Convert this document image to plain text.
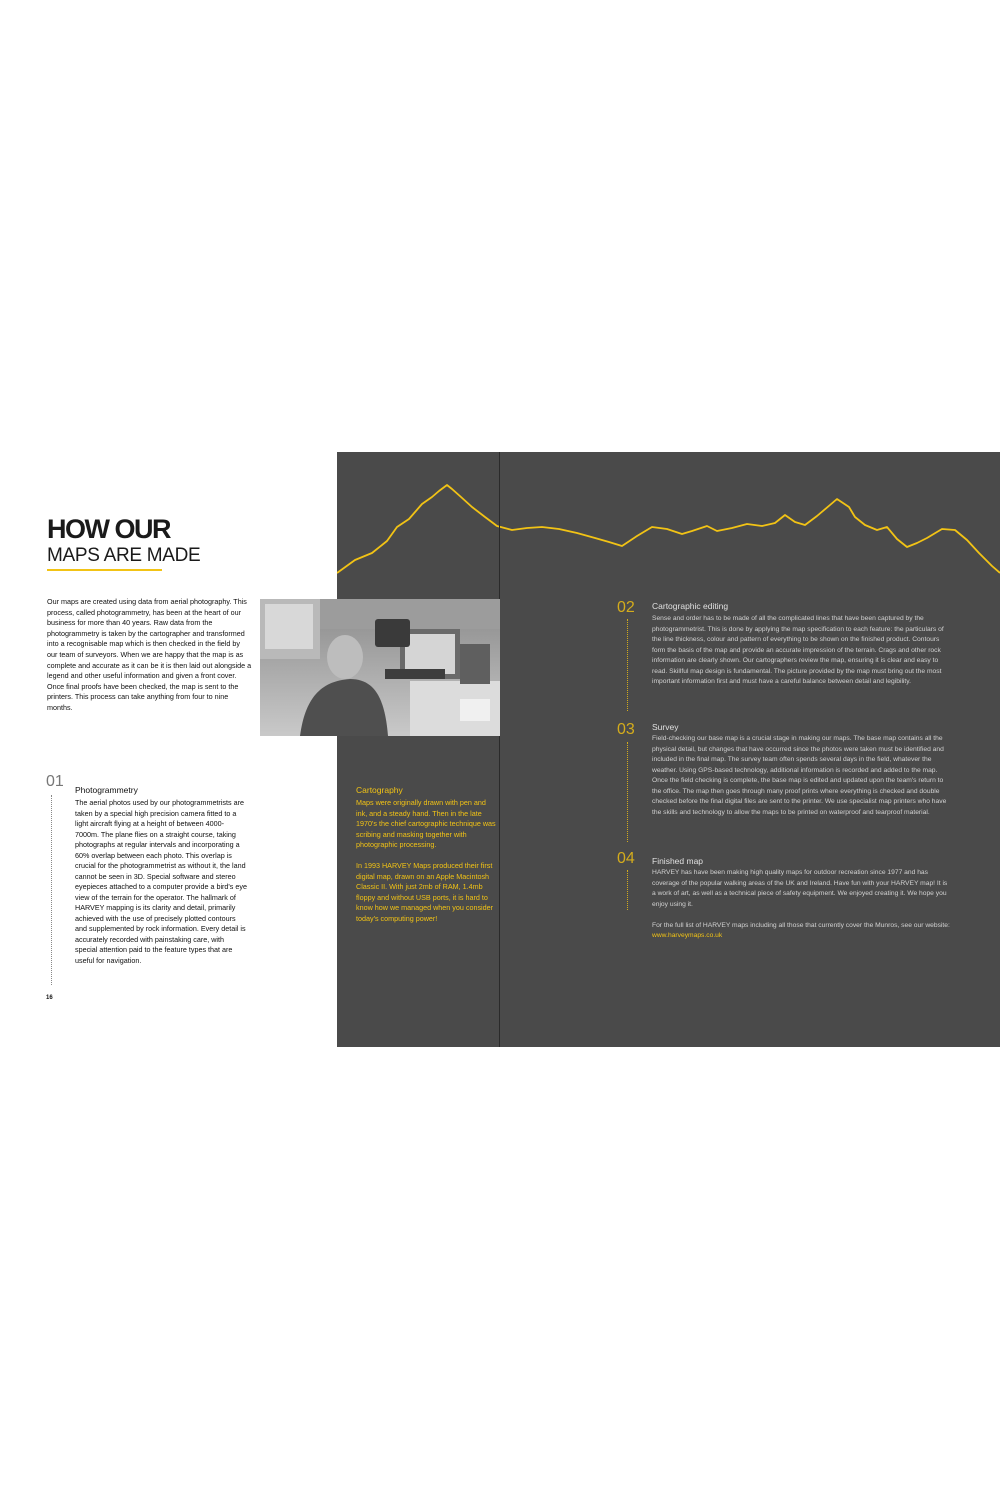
HOW OUR
MAPS ARE MADE
Our maps are created using data from aerial photography. This process, called photogrammetry, has been at the heart of our business for more than 40 years. Raw data from the photogrammetry is taken by the cartographer and transformed into a recognisable map which is then checked in the field by our team of surveyors. When we are happy that the map is as complete and accurate as it can be it is then laid out alongside a legend and other useful information and given a front cover. Once final proofs have been checked, the map is sent to the printers. This process can take anything from four to nine months.
01 Photogrammetry
The aerial photos used by our photogrammetrists are taken by a special high precision camera fitted to a light aircraft flying at a height of between 4000-7000m. The plane flies on a straight course, taking photographs at regular intervals and incorporating a 60% overlap between each photo. This overlap is crucial for the photogrammetrist as without it, the land cannot be seen in 3D. Special software and stereo eyepieces attached to a computer provide a bird's eye view of the terrain for the operator. The hallmark of HARVEY mapping is its clarity and detail, primarily achieved with the use of precisely plotted contours and supplemented by rock information. Every detail is accurately recorded with painstaking care, with special attention paid to the feature types that are useful for navigation.
16
Cartography

Maps were originally drawn with pen and ink, and a steady hand. Then in the late 1970's the chief cartographic technique was scribing and masking together with photographic processing.

In 1993 HARVEY Maps produced their first digital map, drawn on an Apple Macintosh Classic II. With just 2mb of RAM, 1.4mb floppy and without USB ports, it is hard to know how we managed when you consider today's computing power!

02 Cartographic editing
Sense and order has to be made of all the complicated lines that have been captured by the photogrammetrist. This is done by applying the map specification to each feature: the particulars of the line thickness, colour and pattern of everything to be shown on the finished product. Contours form the basis of the map and provide an accurate impression of the terrain. Crags and other rock information are clearly shown. Our cartographers review the map, ensuring it is clear and easy to read. Skillful map design is fundamental. The picture provided by the map must bring out the most important information first and must have a careful balance between detail and legibility.
03 Survey
Field-checking our base map is a crucial stage in making our maps. The base map contains all the physical detail, but changes that have occurred since the photos were taken must be identified and included in the final map. The survey team often spends several days in the field, whatever the weather. Using GPS-based technology, additional information is recorded and added to the map. Once the field checking is complete, the base map is edited and updated upon the team's return to the office. The map then goes through many proof prints where everything is checked and double checked before the final digital files are sent to the printer. We use specialist map printers who have the skills and technology to allow the maps to be printed on waterproof and tearproof material.
04 Finished map

HARVEY has have been making high quality maps for outdoor recreation since 1977 and has coverage of the popular walking areas of the UK and Ireland. Have fun with your HARVEY map! It is a work of art, as well as a technical piece of safety equipment. We enjoyed creating it. We hope you enjoy using it.

For the full list of HARVEY maps including all those that currently cover the Munros, see our website:

www.harveymaps.co.uk
